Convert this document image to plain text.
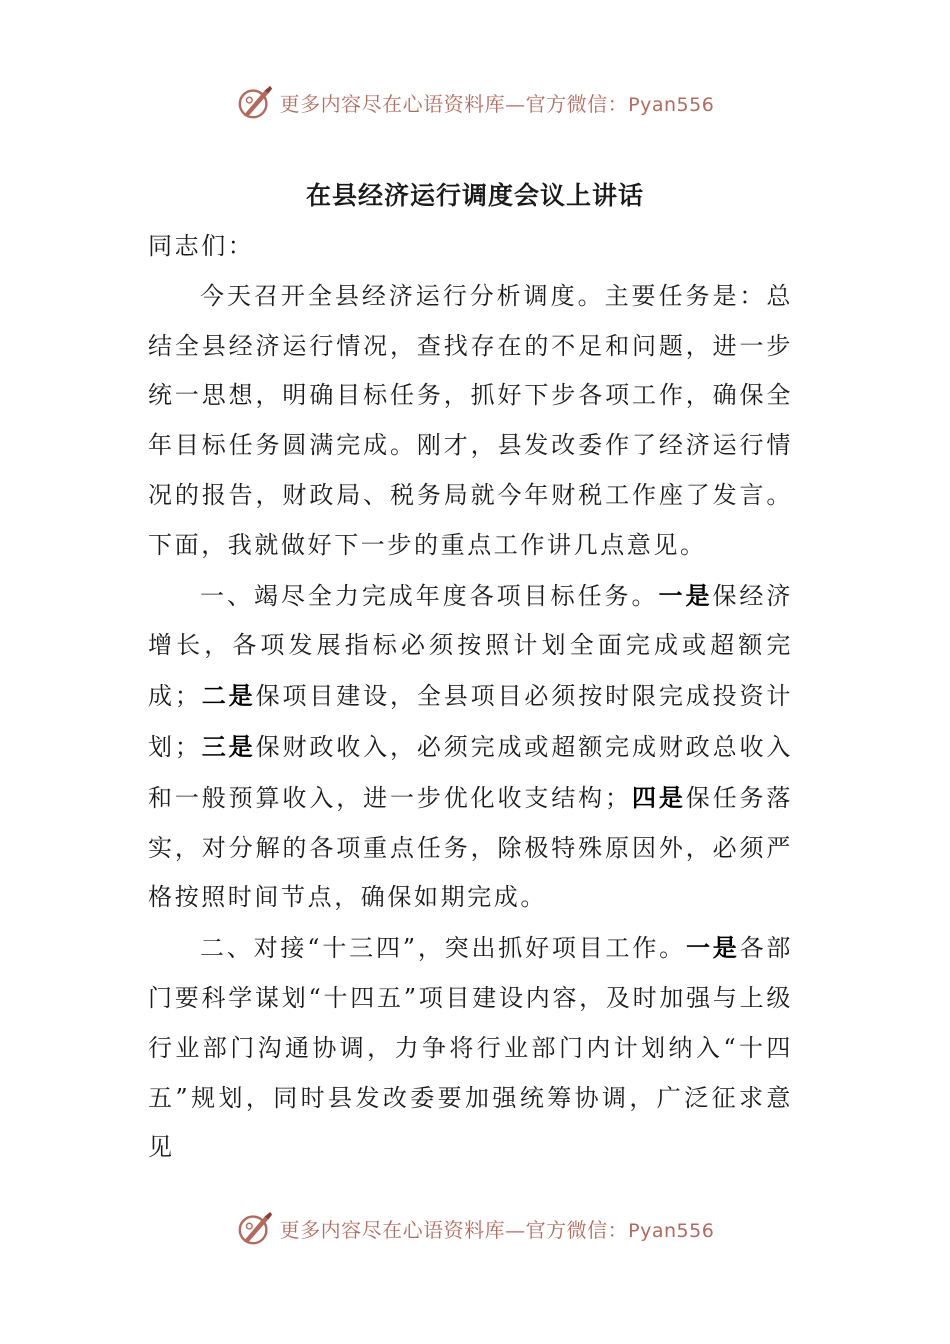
更多内容尽在心语资料库—官方微信：Pyan556
在县经济运行调度会议上讲话

同志们：

今天召开全县经济运行分析调度。主要任务是：总结全县经济运行情况，查找存在的不足和问题，进一步统一思想，明确目标任务，抓好下步各项工作，确保全年目标任务圆满完成。刚才，县发改委作了经济运行情况的报告，财政局、税务局就今年财税工作座了发言。下面，我就做好下一步的重点工作讲几点意见。

一、竭尽全力完成年度各项目标任务。一是保经济增长，各项发展指标必须按照计划全面完成或超额完成；二是保项目建设，全县项目必须按时限完成投资计划；三是保财政收入，必须完成或超额完成财政总收入和一般预算收入，进一步优化收支结构；四是保任务落实，对分解的各项重点任务，除极特殊原因外，必须严格按照时间节点，确保如期完成。

二、对接“十三四”，突出抓好项目工作。一是各部门要科学谋划“十四五”项目建设内容，及时加强与上级行业部门沟通协调，力争将行业部门内计划纳入“十四五”规划，同时县发改委要加强统筹协调，广泛征求意见

更多内容尽在心语资料库—官方微信：Pyan556
